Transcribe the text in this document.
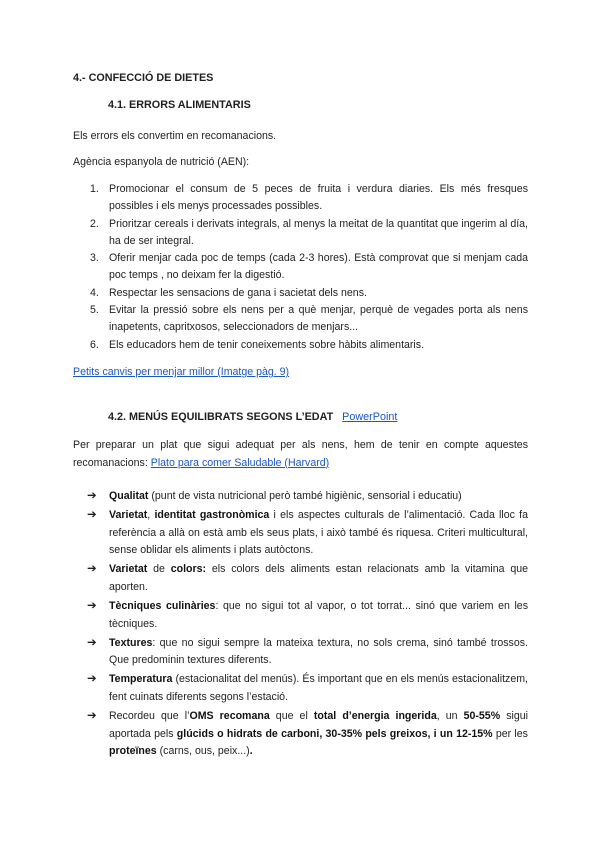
4.- CONFECCIÓ DE DIETES
4.1. ERRORS ALIMENTARIS
Els errors els convertim en recomanacions.
Agència espanyola de nutrició (AEN):
1. Promocionar el consum de 5 peces de fruita i verdura diaries. Els més fresques possibles i els menys processades possibles.
2. Prioritzar cereals i derivats integrals, al menys la meitat de la quantitat que ingerim al día, ha de ser integral.
3. Oferir menjar cada poc de temps (cada 2-3 hores). Està comprovat que si menjam cada poc temps , no deixam fer la digestió.
4. Respectar les sensacions de gana i sacietat dels nens.
5. Evitar la pressió sobre els nens per a què menjar, perquè de vegades porta als nens inapetents, capritxosos, seleccionadors de menjars...
6. Els educadors hem de tenir coneixements sobre hàbits alimentaris.
Petits canvis per menjar millor (Imatge pàg. 9)
4.2. MENÚS EQUILIBRATS SEGONS L’EDAT PowerPoint
Per preparar un plat que sigui adequat per als nens, hem de tenir en compte aquestes recomanacions: Plato para comer Saludable (Harvard)
➔ Qualitat (punt de vista nutricional però també higiènic, sensorial i educatiu)
➔ Varietat, identitat gastronòmica i els aspectes culturals de l’alimentació. Cada lloc fa referència a allà on està amb els seus plats, i això també és riquesa. Criteri multicultural, sense oblidar els aliments i plats autòctons.
➔ Varietat de colors: els colors dels aliments estan relacionats amb la vitamina que aporten.
➔ Tècniques culinàries: que no sigui tot al vapor, o tot torrat... sinó que variem en les tècniques.
➔ Textures: que no sigui sempre la mateixa textura, no sols crema, sinó també trossos. Que predominin textures diferents.
➔ Temperatura (estacionalitat del menús). És important que en els menús estacionalitzem, fent cuinats diferents segons l’estació.
➔ Recordeu que l’OMS recomana que el total d’energia ingerida, un 50-55% sigui aportada pels glúcids o hidrats de carboni, 30-35% pels greixos, i un 12-15% per les proteïnes (carns, ous, peix...).
